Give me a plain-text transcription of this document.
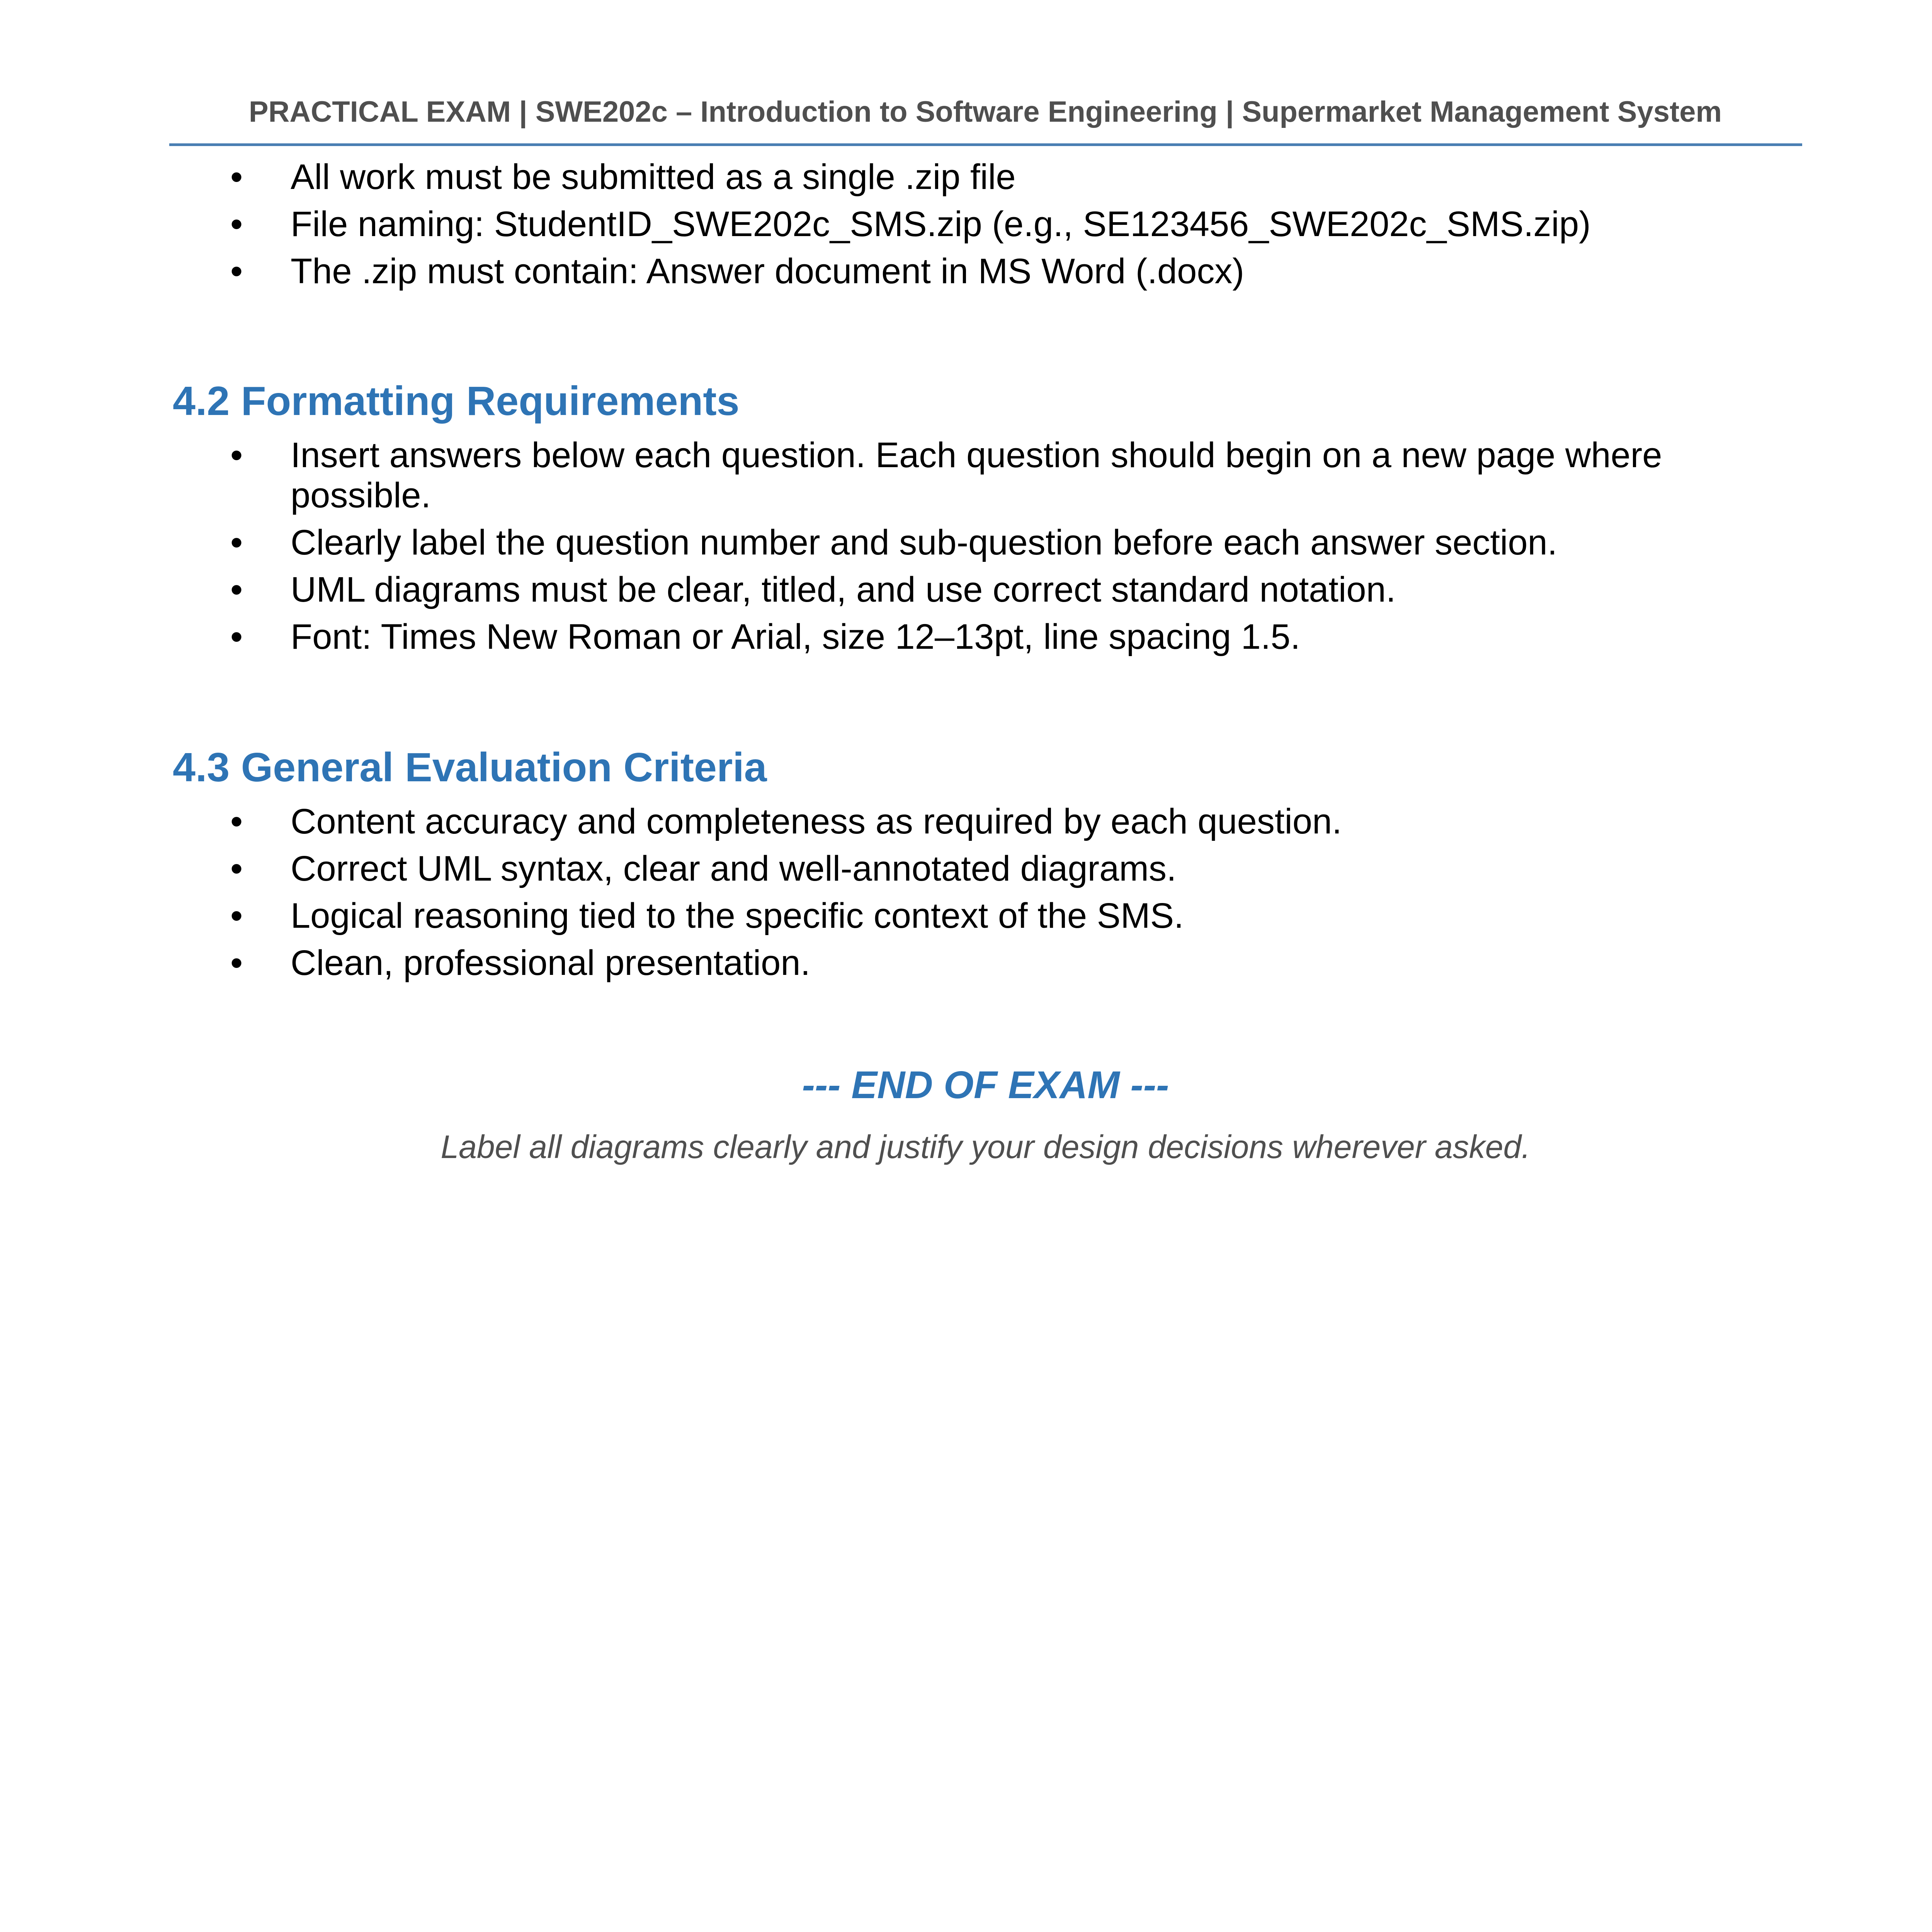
PRACTICAL EXAM | SWE202c – Introduction to Software Engineering | Supermarket Management System
• All work must be submitted as a single .zip file
• File naming: StudentID_SWE202c_SMS.zip (e.g., SE123456_SWE202c_SMS.zip)
• The .zip must contain: Answer document in MS Word (.docx)
4.2 Formatting Requirements
• Insert answers below each question. Each question should begin on a new page where possible.
• Clearly label the question number and sub-question before each answer section.
• UML diagrams must be clear, titled, and use correct standard notation.
• Font: Times New Roman or Arial, size 12–13pt, line spacing 1.5.
4.3 General Evaluation Criteria
• Content accuracy and completeness as required by each question.
• Correct UML syntax, clear and well-annotated diagrams.
• Logical reasoning tied to the specific context of the SMS.
• Clean, professional presentation.
--- END OF EXAM ---
Label all diagrams clearly and justify your design decisions wherever asked.
